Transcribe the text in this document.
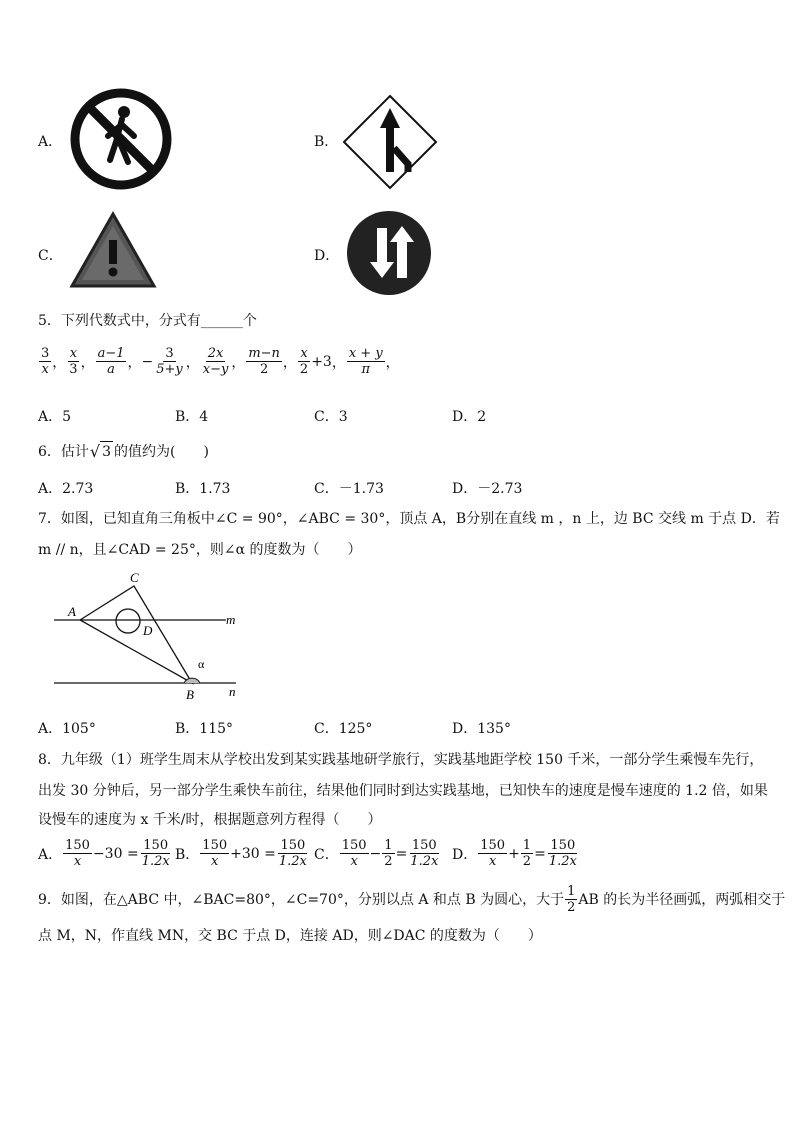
A．	B．
C．	D．
5．下列代数式中，分式有______个
$\frac{3}{x}$ ， $\frac{x}{3}$ ， $\frac{a-1}{a}$ ， − $\frac{3}{5+y}$ ， $\frac{2x}{x-y}$ ， $\frac{m-n}{2}$ ， $\frac{x}{2} +3$ ， $\frac{x + y}{\pi}$ ，
A．5	B．4	C．3	D．2
6．估计 √ 3 的值约为(　　)
A．2.73	B．1.73	C．－1.73	D．－2.73
7．如图，已知直角三角板中∠C = 90°，∠ABC = 30°，顶点 A，B分别在直线 m ，n 上，边 BC 交线 m 于点 D．若
m // n，且∠CAD = 25°，则∠α 的度数为（　　）
A
C
D
B
m
n
α
A．105°	B．115°	C．125°	D．135°
8．九年级（1）班学生周末从学校出发到某实践基地研学旅行，实践基地距学校 150 千米，一部分学生乘慢车先行，
出发 30 分钟后，另一部分学生乘快车前往，结果他们同时到达实践基地，已知快车的速度是慢车速度的 1.2 倍，如果
设慢车的速度为 x 千米/时，根据题意列方程得（　　）
A． $\frac{150}{x} -30 = \frac{150}{1.2x}$ B． $\frac{150}{x} +30 = \frac{150}{1.2x}$ C． $\frac{150}{x} - \frac{1}{2} = \frac{150}{1.2x}$ D． $\frac{150}{x} + \frac{1}{2} = \frac{150}{1.2x}$
9．如图，在△ABC 中，∠BAC=80°，∠C=70°，分别以点 A 和点 B 为圆心，大于 $\frac{1}{2}$ AB 的长为半径画弧，两弧相交于
点 M，N，作直线 MN，交 BC 于点 D，连接 AD，则∠DAC 的度数为（　　）
